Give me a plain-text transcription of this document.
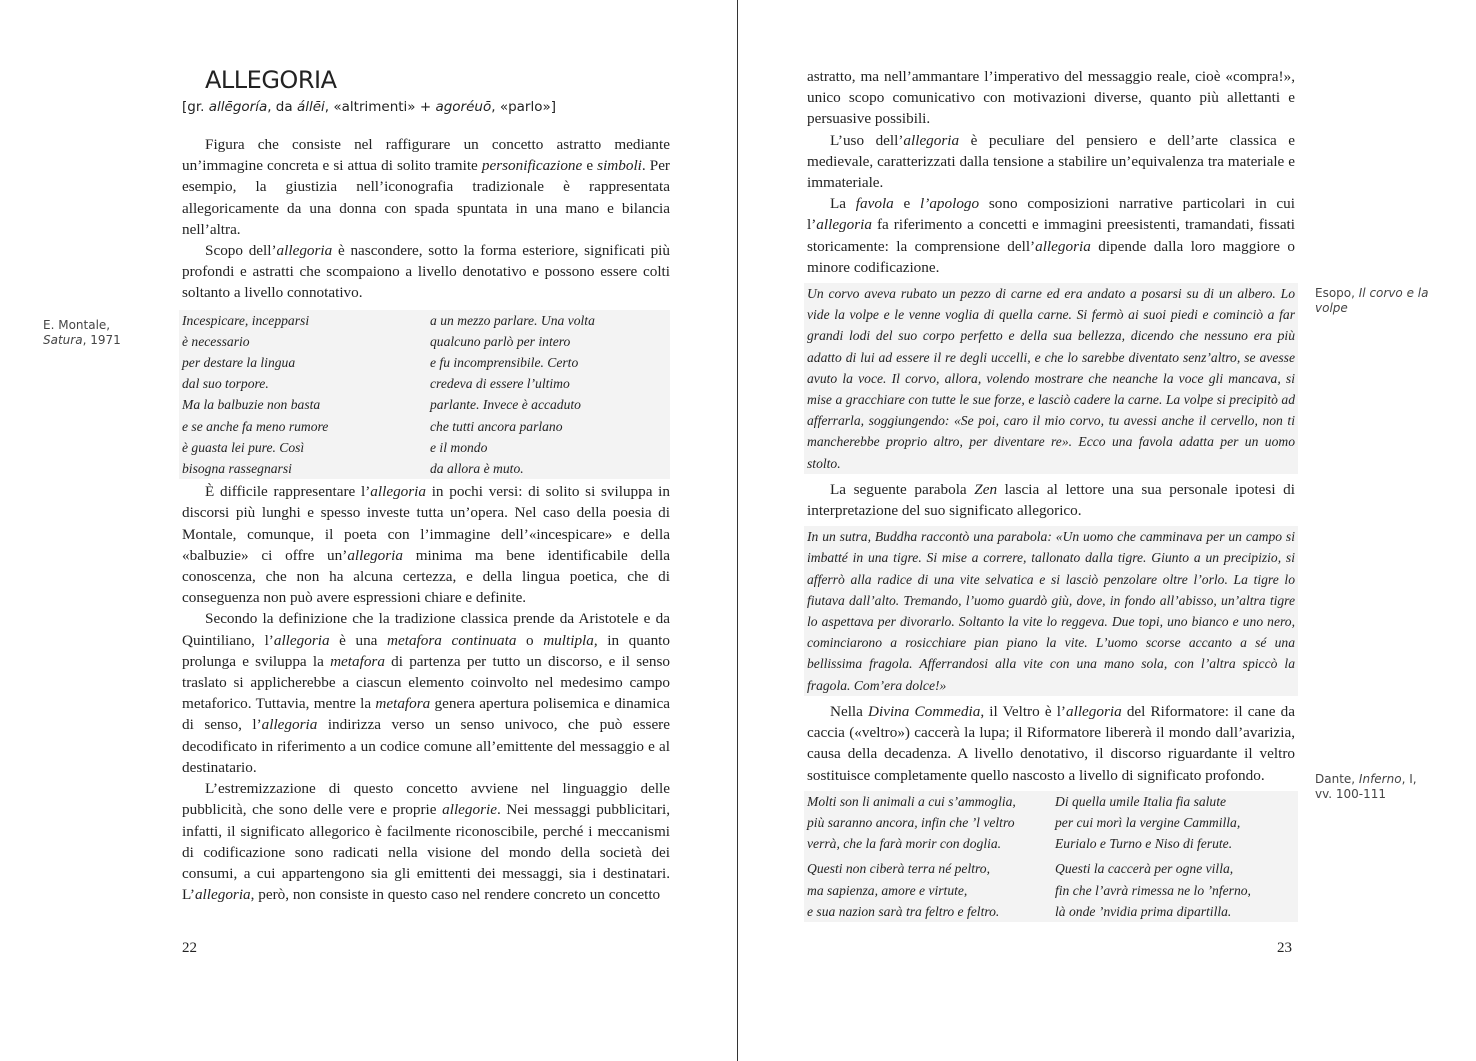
ALLEGORIA
[gr. allēgoría, da állēi, «altrimenti» + agoréuō, «parlo»]

Figura che consiste nel raffigurare un concetto astratto mediante un’immagine concreta e si attua di solito tramite personificazione e simboli. Per esempio, la giustizia nell’iconografia tradizionale è rappresentata allegoricamente da una donna con spada spuntata in una mano e bilancia nell’altra.

Scopo dell’allegoria è nascondere, sotto la forma esteriore, significati più profondi e astratti che scompaiono a livello denotativo e possono essere colti soltanto a livello connotativo.

Incespicare, incepparsi	a un mezzo parlare. Una volta
è necessario	qualcuno parlò per intero
per destare la lingua	e fu incomprensibile. Certo
dal suo torpore.	credeva di essere l’ultimo
Ma la balbuzie non basta	parlante. Invece è accaduto
e se anche fa meno rumore	che tutti ancora parlano
è guasta lei pure. Così	e il mondo
bisogna rassegnarsi	da allora è muto.

È difficile rappresentare l’allegoria in pochi versi: di solito si sviluppa in discorsi più lunghi e spesso investe tutta un’opera. Nel caso della poesia di Montale, comunque, il poeta con l’immagine dell’«incespicare» e della «balbuzie» ci offre un’allegoria minima ma bene identificabile della conoscenza, che non ha alcuna certezza, e della lingua poetica, che di conseguenza non può avere espressioni chiare e definite.

Secondo la definizione che la tradizione classica prende da Aristotele e da Quintiliano, l’allegoria è una metafora continuata o multipla, in quanto prolunga e sviluppa la metafora di partenza per tutto un discorso, e il senso traslato si applicherebbe a ciascun elemento coinvolto nel medesimo campo metaforico. Tuttavia, mentre la metafora genera apertura polisemica e dinamica di senso, l’allegoria indirizza verso un senso univoco, che può essere decodificato in riferimento a un codice comune all’emittente del messaggio e al destinatario.

L’estremizzazione di questo concetto avviene nel linguaggio delle pubblicità, che sono delle vere e proprie allegorie. Nei messaggi pubblicitari, infatti, il significato allegorico è facilmente riconoscibile, perché i meccanismi di codificazione sono radicati nella visione del mondo della società dei consumi, a cui appartengono sia gli emittenti dei messaggi, sia i destinatari. L’allegoria, però, non consiste in questo caso nel rendere concreto un concetto

E. Montale, Satura, 1971
22

astratto, ma nell’ammantare l’imperativo del messaggio reale, cioè «compra!», unico scopo comunicativo con motivazioni diverse, quanto più allettanti e persuasive possibili.

L’uso dell’allegoria è peculiare del pensiero e dell’arte classica e medievale, caratterizzati dalla tensione a stabilire un’equivalenza tra materiale e immateriale.

La favola e l’apologo sono composizioni narrative particolari in cui l’allegoria fa riferimento a concetti e immagini preesistenti, tramandati, fissati storicamente: la comprensione dell’allegoria dipende dalla loro maggiore o minore codificazione.

Un corvo aveva rubato un pezzo di carne ed era andato a posarsi su di un albero. Lo vide la volpe e le venne voglia di quella carne. Si fermò ai suoi piedi e cominciò a far grandi lodi del suo corpo perfetto e della sua bellezza, dicendo che nessuno era più adatto di lui ad essere il re degli uccelli, e che lo sarebbe diventato senz’altro, se avesse avuto la voce. Il corvo, allora, volendo mostrare che neanche la voce gli mancava, si mise a gracchiare con tutte le sue forze, e lasciò cadere la carne. La volpe si precipitò ad afferrarla, soggiungendo: «Se poi, caro il mio corvo, tu avessi anche il cervello, non ti mancherebbe proprio altro, per diventare re». Ecco una favola adatta per un uomo stolto.

La seguente parabola Zen lascia al lettore una sua personale ipotesi di interpretazione del suo significato allegorico.

In un sutra, Buddha raccontò una parabola: «Un uomo che camminava per un campo si imbatté in una tigre. Si mise a correre, tallonato dalla tigre. Giunto a un precipizio, si afferrò alla radice di una vite selvatica e si lasciò penzolare oltre l’orlo. La tigre lo fiutava dall’alto. Tremando, l’uomo guardò giù, dove, in fondo all’abisso, un’altra tigre lo aspettava per divorarlo. Soltanto la vite lo reggeva. Due topi, uno bianco e uno nero, cominciarono a rosicchiare pian piano la vite. L’uomo scorse accanto a sé una bellissima fragola. Afferrandosi alla vite con una mano sola, con l’altra spiccò la fragola. Com’era dolce!»

Nella Divina Commedia, il Veltro è l’allegoria del Riformatore: il cane da caccia («veltro») caccerà la lupa; il Riformatore libererà il mondo dall’avarizia, causa della decadenza. A livello denotativo, il discorso riguardante il veltro sostituisce completamente quello nascosto a livello di significato profondo.

Molti son li animali a cui s’ammoglia,	Di quella umile Italia fia salute
più saranno ancora, infin che ’l veltro	per cui morì la vergine Cammilla,
verrà, che la farà morir con doglia.	Eurialo e Turno e Niso di ferute.
Questi non ciberà terra né peltro,	Questi la caccerà per ogne villa,
ma sapienza, amore e virtute,	fin che l’avrà rimessa ne lo ’nferno,
e sua nazion sarà tra feltro e feltro.	là onde ’nvidia prima dipartilla.
Esopo, Il corvo e la volpe
Dante, Inferno, I, vv. 100-111
23
